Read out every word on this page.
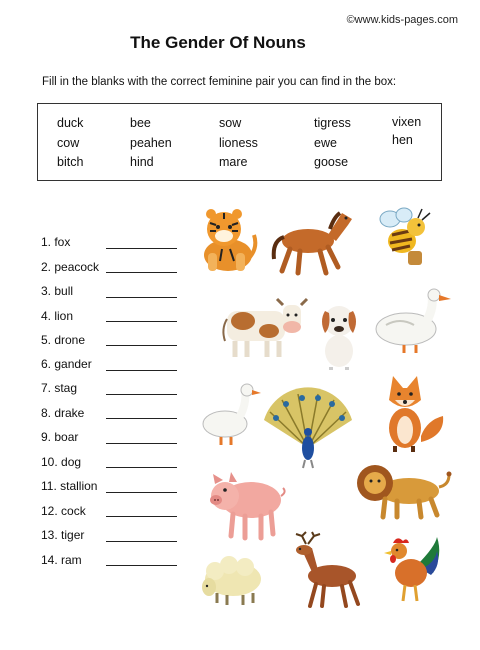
©www.kids-pages.com
The Gender Of Nouns
Fill in the blanks with the correct feminine pair you can find in the box:
duck
cow
bitch
bee
peahen
hind
sow
lioness
mare
tigress
ewe
goose
vixen
hen
1. fox
2. peacock
3. bull
4. lion
5. drone
6. gander
7. stag
8. drake
9. boar
10. dog
11. stallion
12. cock
13. tiger
14. ram
